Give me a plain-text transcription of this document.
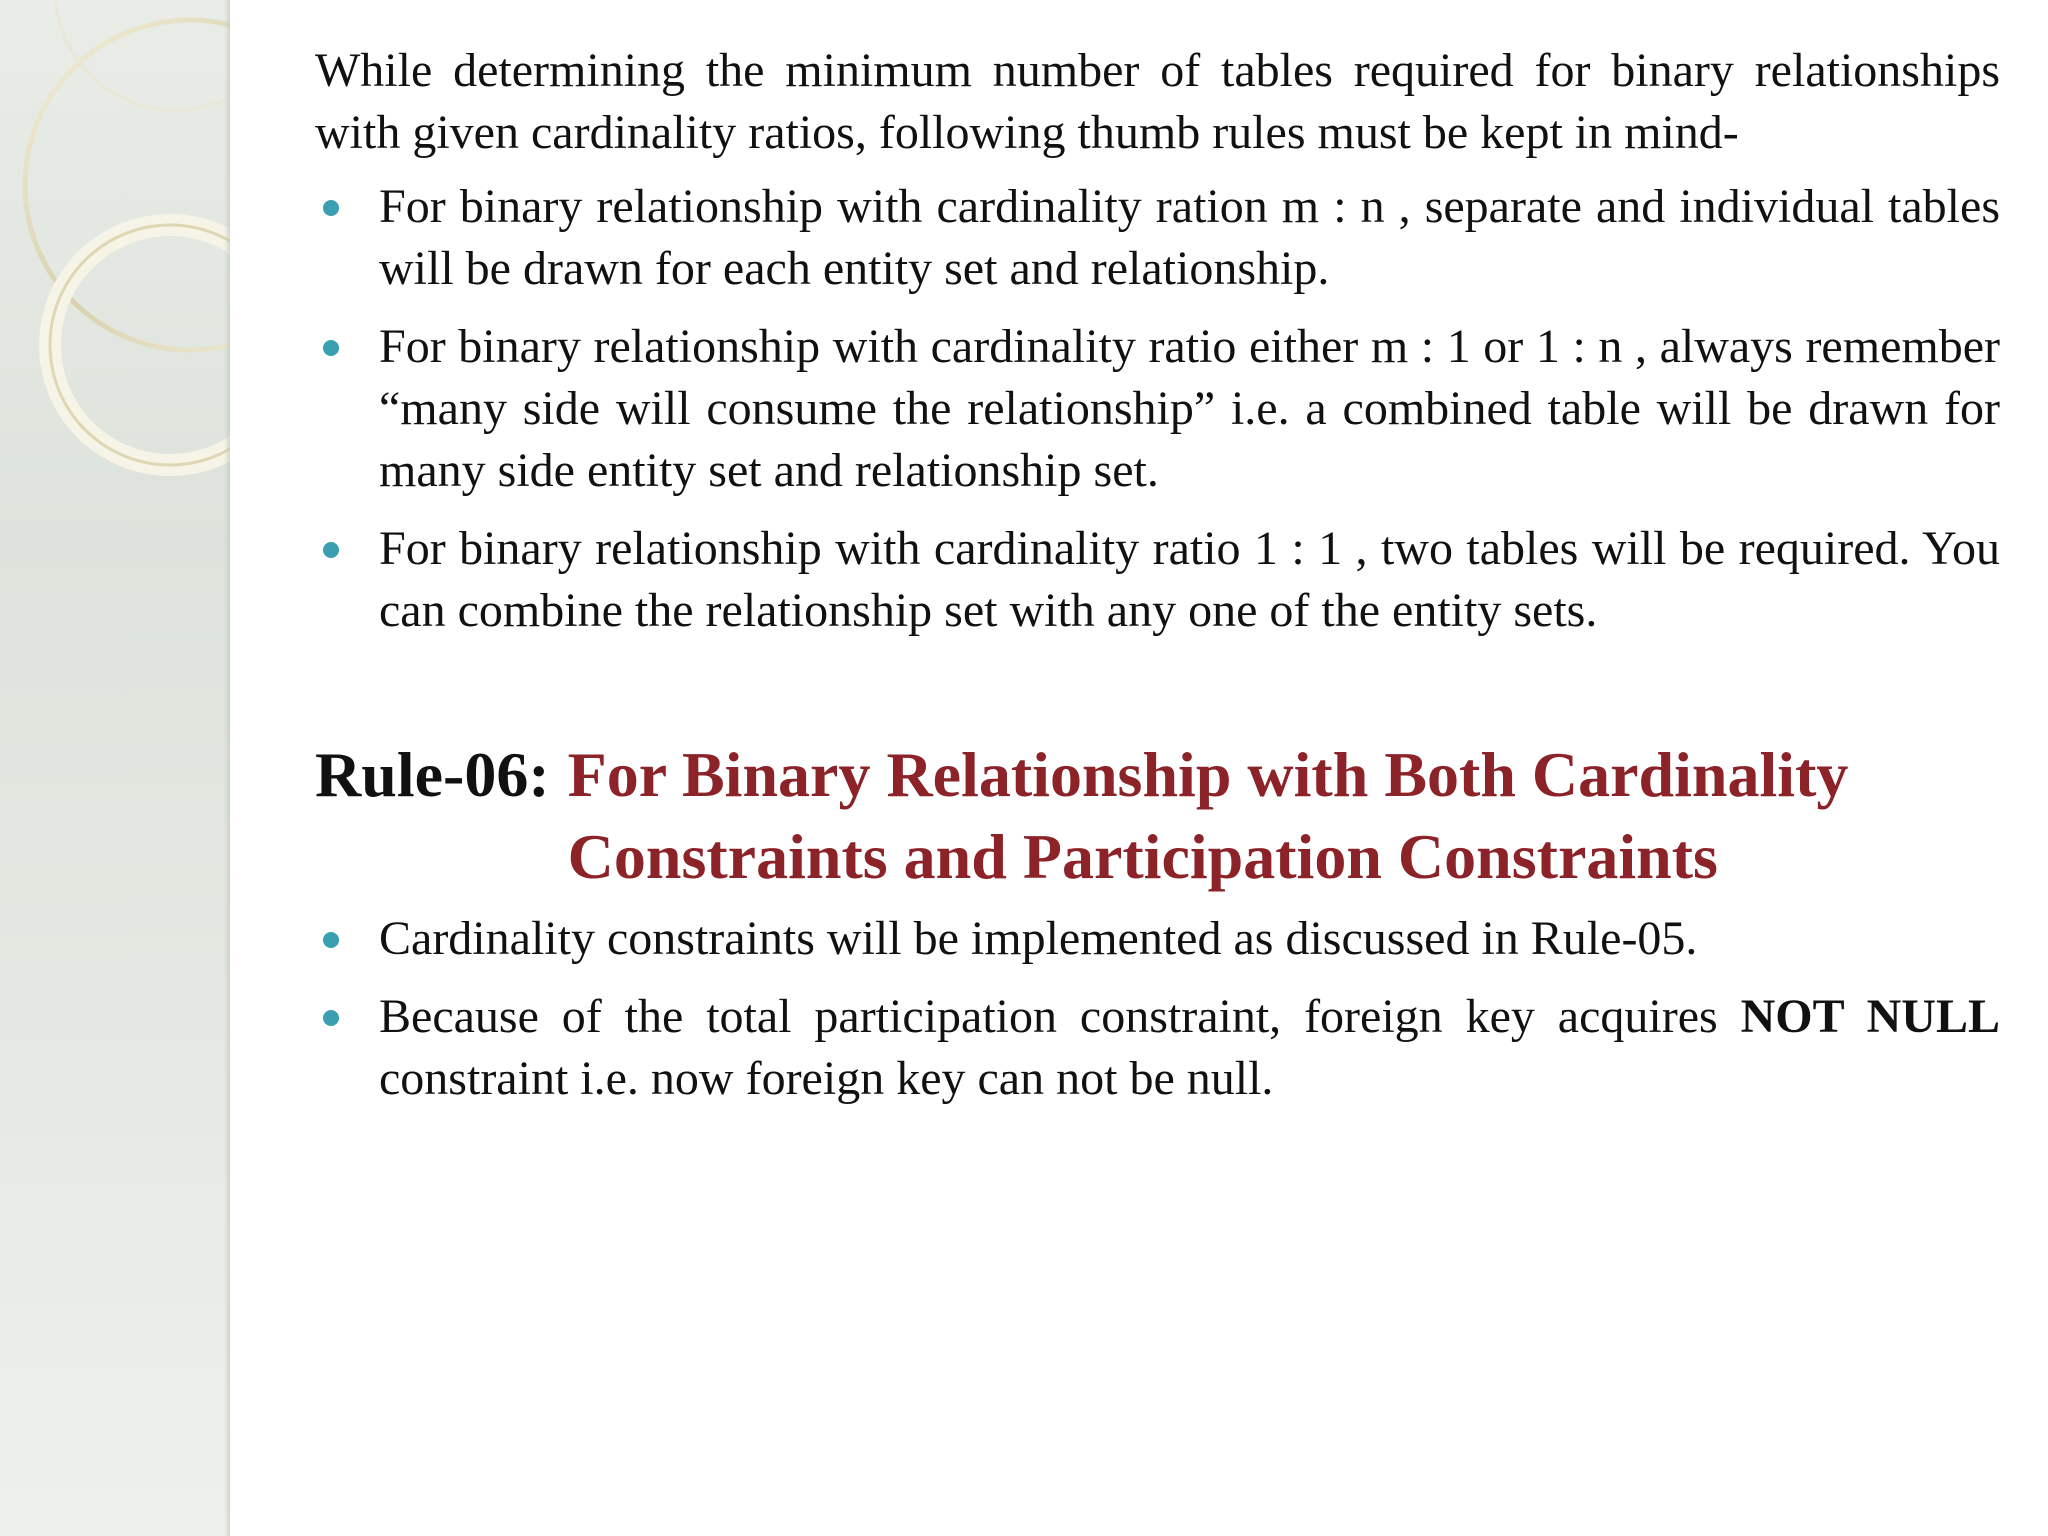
While determining the minimum number of tables required for binary relationships with given cardinality ratios, following thumb rules must be kept in mind-

For binary relationship with cardinality ration m : n , separate and individual tables will be drawn for each entity set and relationship.
For binary relationship with cardinality ratio either m : 1 or 1 : n , always remember “many side will consume the relationship” i.e. a combined table will be drawn for many side entity set and relationship set.
For binary relationship with cardinality ratio 1 : 1 , two tables will be required. You can combine the relationship set with any one of the entity sets.
Rule-06: For Binary Relationship with Both Cardinality Constraints and Participation Constraints
Cardinality constraints will be implemented as discussed in Rule-05.
Because of the total participation constraint, foreign key acquires NOT NULL constraint i.e. now foreign key can not be null.
